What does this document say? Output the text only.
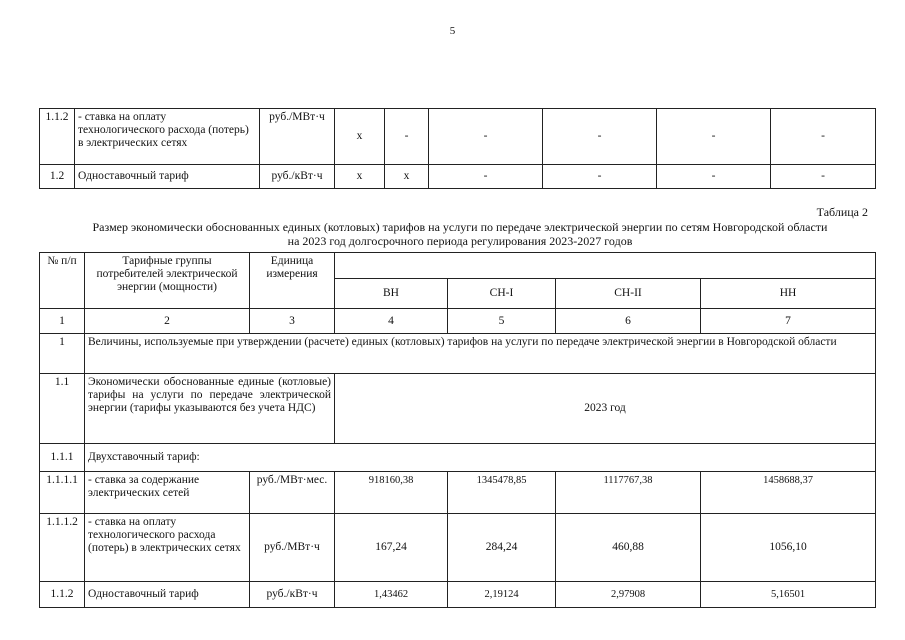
5
1.1.2	- ставка на оплату технологического расхода (потерь) в электрических сетях	руб./МВт·ч	х	-	-	-	-	-
1.2	Одноставочный тариф	руб./кВт·ч	х	х	-	-	-	-
Таблица 2
Размер экономически обоснованных единых (котловых) тарифов на услуги по передаче электрической энергии по сетям Новгородской области
на 2023 год долгосрочного периода регулирования 2023-2027 годов
№ п/п	Тарифные группы потребителей электрической энергии (мощности)	Единица измерения				
			ВН	СН-I	СН-II	НН
1	2	3	4	5	6	7
1	Величины, используемые при утверждении (расчете) единых (котловых) тарифов на услуги по передаче электрической энергии в Новгородской области					
1.1	Экономически обоснованные единые (котловые) тарифы на услуги по передаче электрической энергии (тарифы указываются без учета НДС)		2023 год			
1.1.1	Двухставочный тариф:					
1.1.1.1	- ставка за содержание электрических сетей	руб./МВт·мес.	918160,38	1345478,85	1117767,38	1458688,37
1.1.1.2	- ставка на оплату технологического расхода (потерь) в электрических сетях	руб./МВт·ч	167,24	284,24	460,88	1056,10
1.1.2	Одноставочный тариф	руб./кВт·ч	1,43462	2,19124	2,97908	5,16501
